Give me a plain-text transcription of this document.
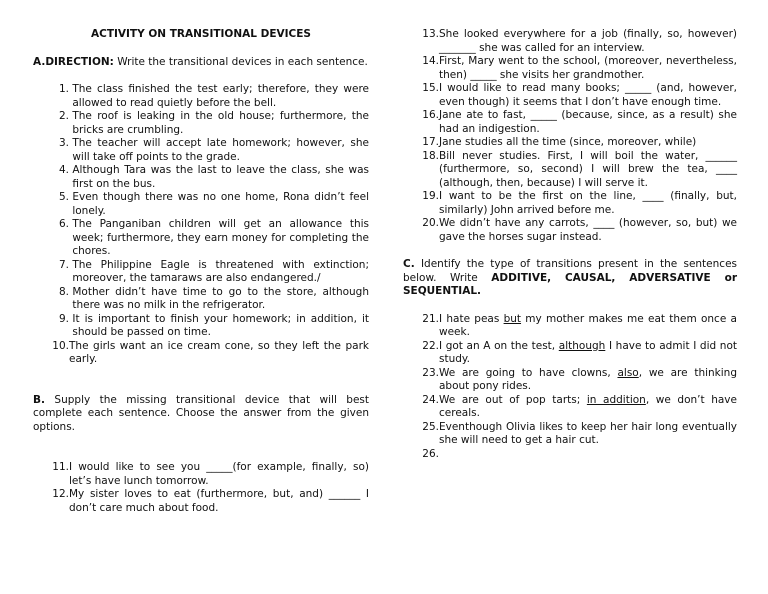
ACTIVITY ON TRANSITIONAL DEVICES

A.DIRECTION: Write the transitional devices in each sentence.

1.
The class finished the test early; therefore, they were allowed to read quietly before the bell.
2.
The roof is leaking in the old house; furthermore, the bricks are crumbling.
3.
The teacher will accept late homework; however, she will take off points to the grade.
4.
Although Tara was the last to leave the class, she was first on the bus.
5.
Even though there was no one home, Rona didn’t feel lonely.
6.
The Panganiban children will get an allowance this week; furthermore, they earn money for completing the chores.
7.
The Philippine Eagle is threatened with extinction; moreover, the tamaraws are also endangered./
8.
Mother didn’t have time to go to the store, although there was no milk in the refrigerator.
9.
It is important to finish your homework; in addition, it should be passed on time.
10. The girls want an ice cream cone, so they left the park early.

B. Supply the missing transitional device that will best complete each sentence. Choose the answer from the given options.

11. I would like to see you _____(for example, finally, so) let’s have lunch tomorrow.
12. My sister loves to eat (furthermore, but, and) ______ I don’t care much about food.
13. She looked everywhere for a job (finally, so, however) _______ she was called for an interview.
14. First, Mary went to the school, (moreover, nevertheless, then) _____ she visits her grandmother.
15. I would like to read many books; _____ (and, however, even though) it seems that I don’t have enough time.
16. Jane ate to fast, _____ (because, since, as a result) she had an indigestion.
17. Jane studies all the time (since, moreover, while)
18. Bill never studies. First, I will boil the water, ______ (furthermore, so, second) I will brew the tea, ____ (although, then, because) I will serve it.
19. I want to be the first on the line, ____ (finally, but, similarly) John arrived before me.
20. We didn’t have any carrots, ____ (however, so, but) we gave the horses sugar instead.

C. Identify the type of transitions present in the sentences below. Write ADDITIVE, CAUSAL, ADVERSATIVE or SEQUENTIAL.

21. I hate peas but my mother makes me eat them once a week.
22. I got an A on the test, although I have to admit I did not study.
23. We are going to have clowns, also, we are thinking about pony rides.
24. We are out of pop tarts; in addition, we don’t have cereals.
25. Eventhough Olivia likes to keep her hair long eventually she will need to get a hair cut.
26.
